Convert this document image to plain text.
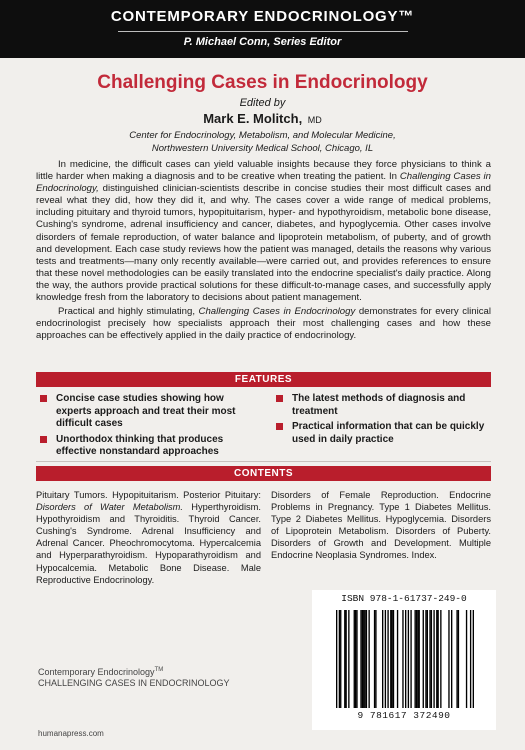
CONTEMPORARY ENDOCRINOLOGY™
P. Michael Conn, Series Editor
Challenging Cases in Endocrinology
Edited by
Mark E. Molitch, MD
Center for Endocrinology, Metabolism, and Molecular Medicine,
Northwestern University Medical School, Chicago, IL

In medicine, the difficult cases can yield valuable insights because they force physicians to think a little harder when making a diagnosis and to be creative when treating the patient. In Challenging Cases in Endocrinology, distinguished clinician-scientists describe in concise studies their most difficult cases and reveal what they did, how they did it, and why. The cases cover a wide range of medical problems, including pituitary and thyroid tumors, hypopituitarism, hyper- and hypothyroidism, metabolic bone disease, Cushing's syndrome, adrenal insufficiency and cancer, diabetes, and hypoglycemia. Other cases involve disorders of female reproduction, of water balance and lipoprotein metabolism, of puberty, and of growth and development. Each case study reviews how the patient was managed, details the reasons why various tests and treatments—many only recently available—were carried out, and provides references to ensure that these novel methodologies can be easily translated into the endocrine specialist's daily practice. Along the way, the authors provide practical solutions for these difficult-to-manage cases, and successfully apply knowledge fresh from the laboratory to decisions about patient management.

Practical and highly stimulating, Challenging Cases in Endocrinology demonstrates for every clinical endocrinologist precisely how specialists approach their most challenging cases and how these approaches can be effectively applied in the daily practice of endocrinology.

FEATURES
Concise case studies showing how experts approach and treat their most difficult cases
Unorthodox thinking that produces effective nonstandard approaches
The latest methods of diagnosis and treatment
Practical information that can be quickly used in daily practice
CONTENTS
Pituitary Tumors. Hypopituitarism. Posterior Pituitary: Disorders of Water Metabolism. Hyperthyroidism. Hypothyroidism and Thyroiditis. Thyroid Cancer. Cushing's Syndrome. Adrenal Insufficiency and Adrenal Cancer. Pheochromocytoma. Hypercalcemia and Hyperparathyroidism. Hypoparathyroidism and Hypocalcemia. Metabolic Bone Disease. Male Reproductive Endocrinology.
Disorders of Female Reproduction. Endocrine Problems in Pregnancy. Type 1 Diabetes Mellitus. Type 2 Diabetes Mellitus. Hypoglycemia. Disorders of Lipoprotein Metabolism. Disorders of Puberty. Disorders of Growth and Development. Multiple Endocrine Neoplasia Syndromes. Index.
Contemporary Endocrinology™
CHALLENGING CASES IN ENDOCRINOLOGY
humanapress.com
ISBN 978-1-61737-249-0
9 781617 372490
